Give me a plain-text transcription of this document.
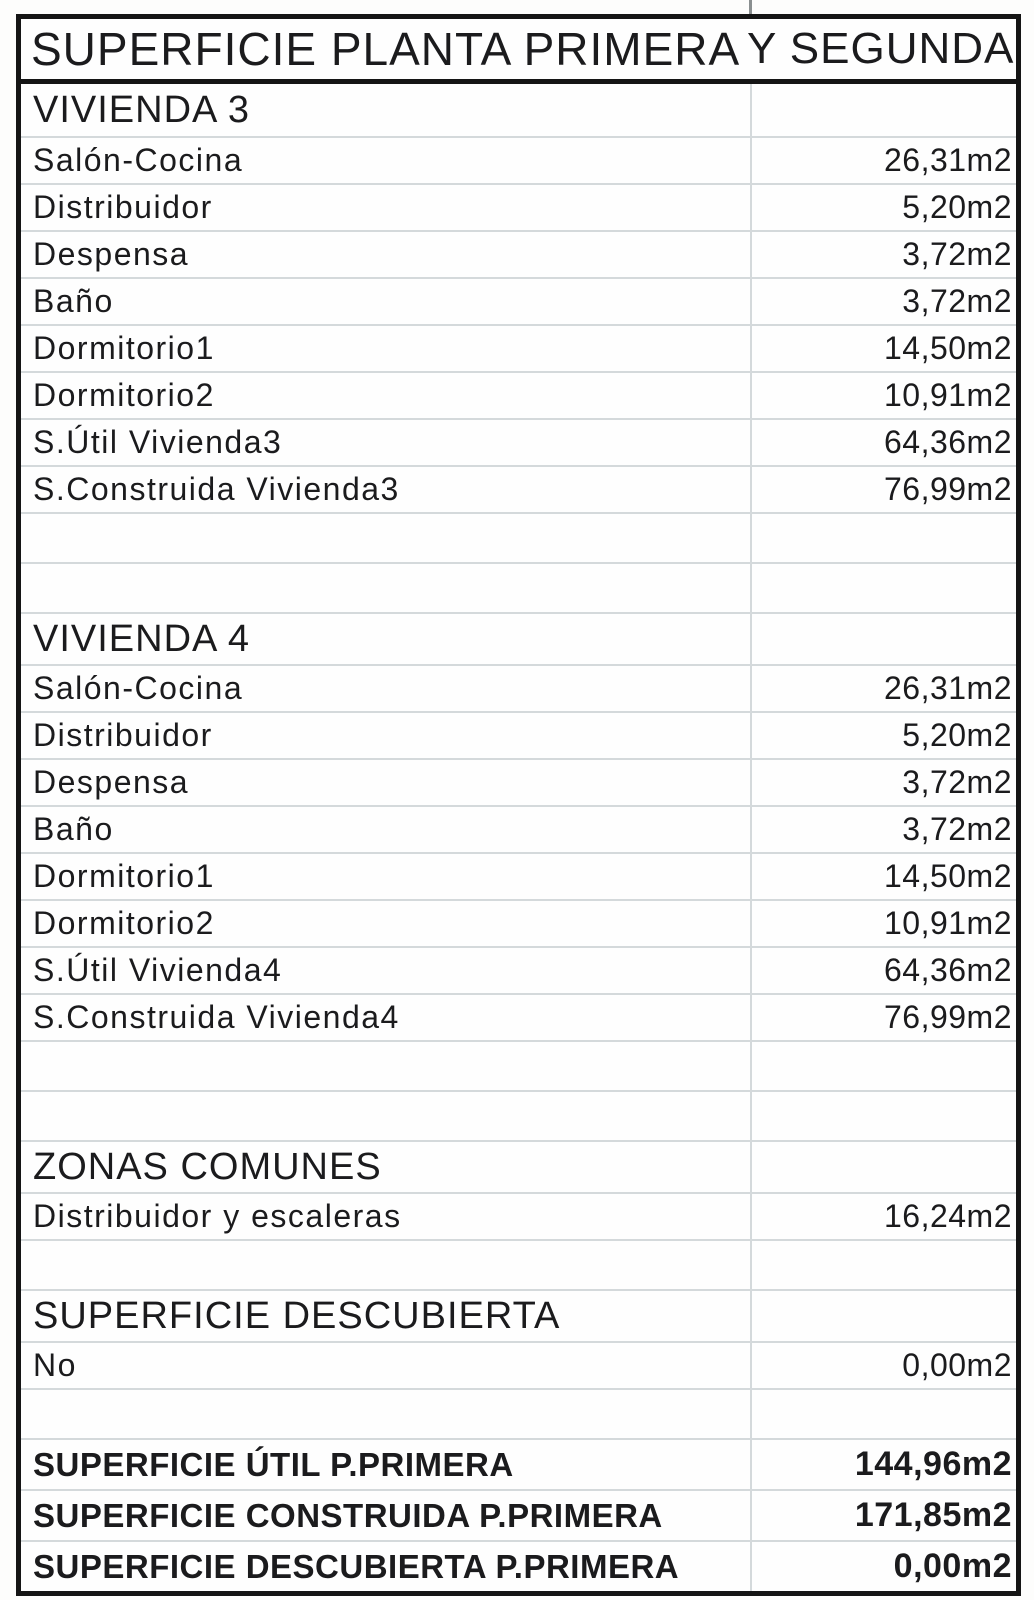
SUPERFICIE PLANTA PRIMERA Y SEGUNDA
VIVIENDA 3
Salón-Cocina	26,31m2
Distribuidor	5,20m2
Despensa	3,72m2
Baño	3,72m2
Dormitorio1	14,50m2
Dormitorio2	10,91m2
S.Útil Vivienda3	64,36m2
S.Construida Vivienda3	76,99m2
VIVIENDA 4
Salón-Cocina	26,31m2
Distribuidor	5,20m2
Despensa	3,72m2
Baño	3,72m2
Dormitorio1	14,50m2
Dormitorio2	10,91m2
S.Útil Vivienda4	64,36m2
S.Construida Vivienda4	76,99m2
ZONAS COMUNES
Distribuidor y escaleras	16,24m2
SUPERFICIE DESCUBIERTA
No	0,00m2
SUPERFICIE ÚTIL P.PRIMERA	144,96m2
SUPERFICIE CONSTRUIDA P.PRIMERA	171,85m2
SUPERFICIE DESCUBIERTA P.PRIMERA	0,00m2
